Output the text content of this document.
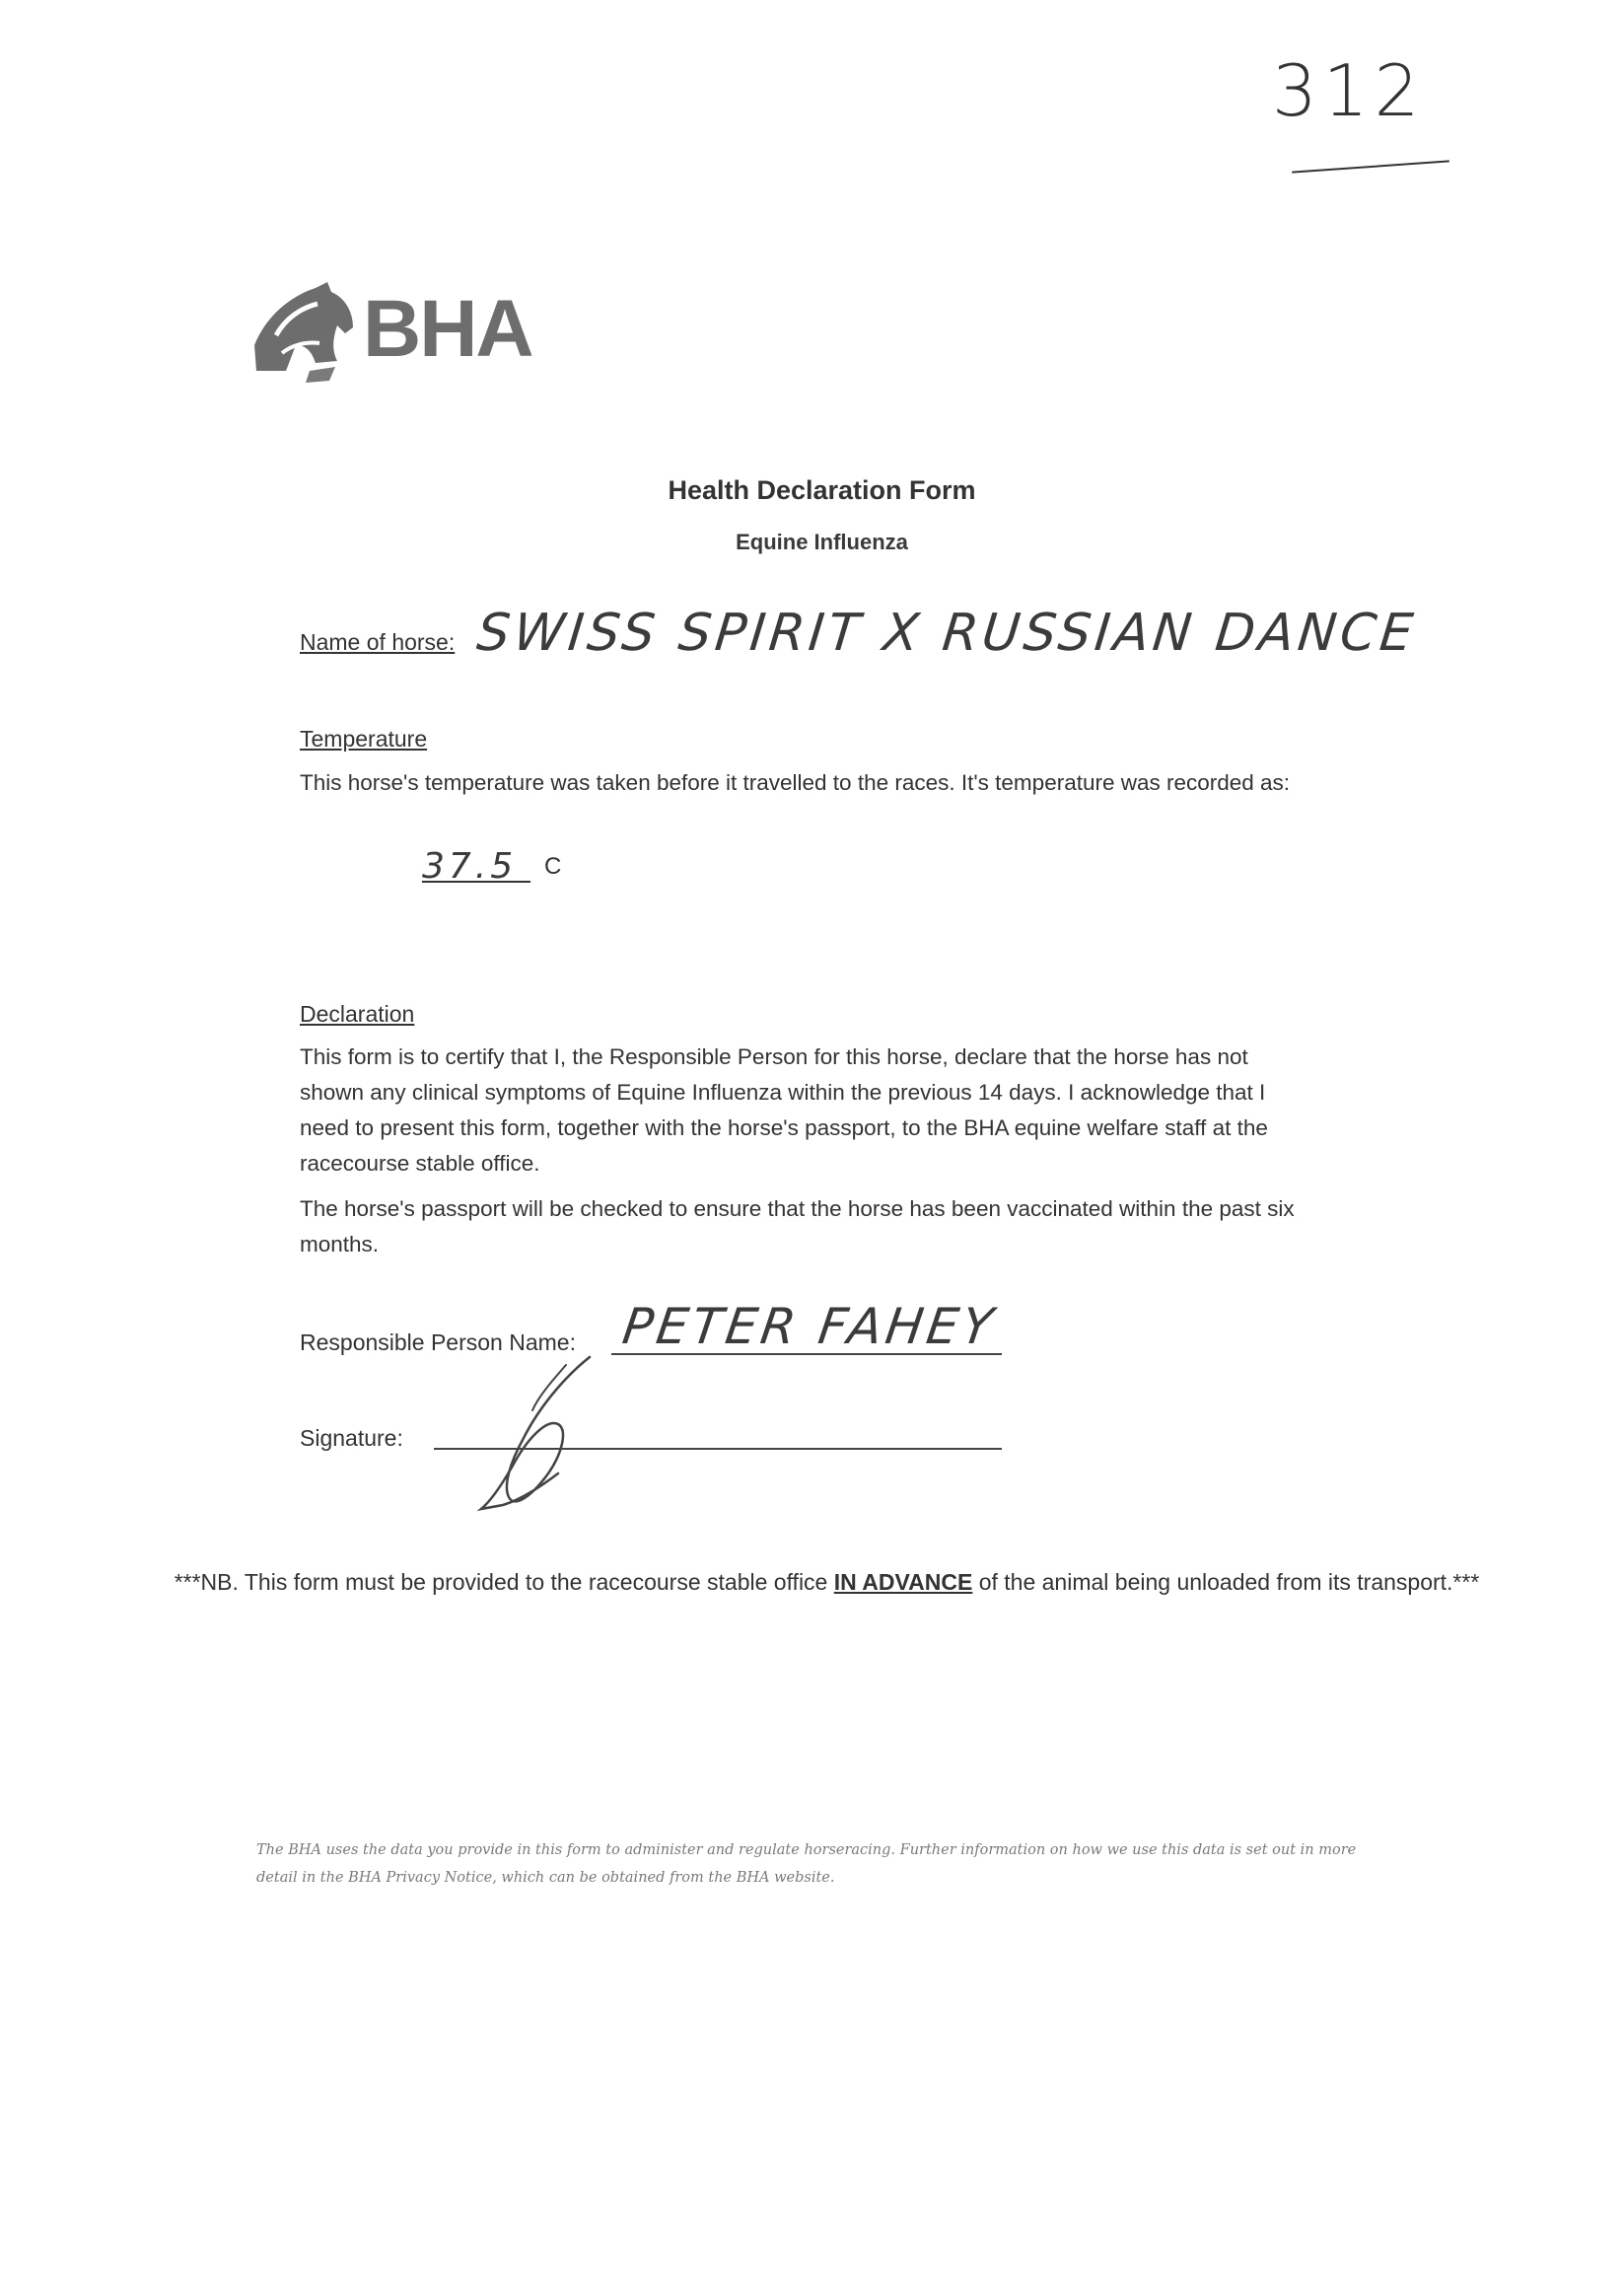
312
BHA
Health Declaration Form
Equine Influenza
Name of horse: SWISS SPIRIT X RUSSIAN DANCE
Temperature
This horse's temperature was taken before it travelled to the races. It's temperature was recorded as:
37.5 C
Declaration
This form is to certify that I, the Responsible Person for this horse, declare that the horse has not shown any clinical symptoms of Equine Influenza within the previous 14 days. I acknowledge that I need to present this form, together with the horse's passport, to the BHA equine welfare staff at the racecourse stable office.
The horse's passport will be checked to ensure that the horse has been vaccinated within the past six months.
Responsible Person Name: PETER FAHEY
Signature:
***NB. This form must be provided to the racecourse stable office IN ADVANCE of the animal being unloaded from its transport.***
The BHA uses the data you provide in this form to administer and regulate horseracing. Further information on how we use this data is set out in more detail in the BHA Privacy Notice, which can be obtained from the BHA website.
